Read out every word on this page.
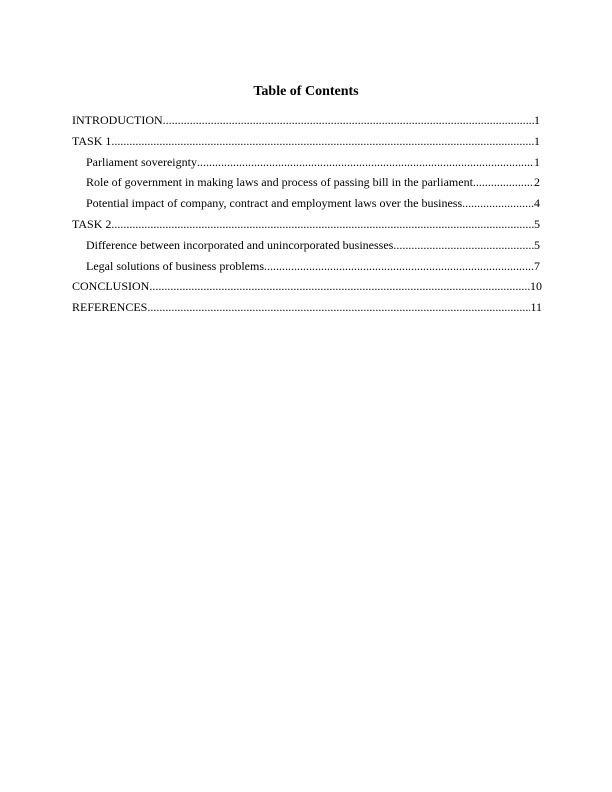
Table of Contents
INTRODUCTION .....	1
TASK 1 .....	1
Parliament sovereignty .....	1
Role of government in making laws and process of passing bill in the parliament. .....	2
Potential impact of company, contract and employment laws over the business .....	4
TASK 2 .....	5
Difference between incorporated and unincorporated businesses .....	5
Legal solutions of business problems .....	7
CONCLUSION .....	10
REFERENCES .....	11
